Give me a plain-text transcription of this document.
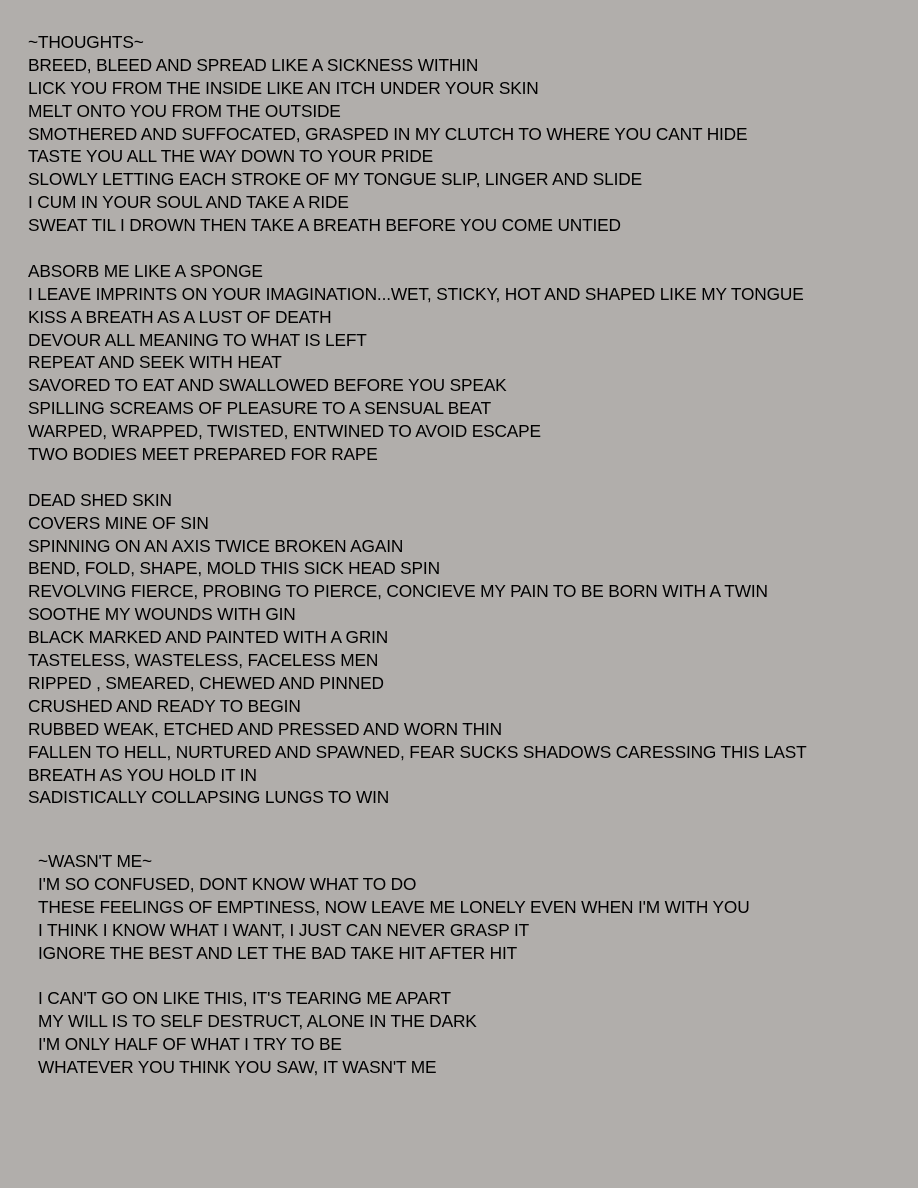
~THOUGHTS~
BREED, BLEED AND SPREAD LIKE A SICKNESS WITHIN
LICK YOU FROM THE INSIDE LIKE AN ITCH UNDER YOUR SKIN
MELT ONTO YOU FROM THE OUTSIDE
SMOTHERED AND SUFFOCATED, GRASPED IN MY CLUTCH TO WHERE YOU CANT HIDE
TASTE YOU ALL THE WAY DOWN TO YOUR PRIDE
SLOWLY LETTING EACH STROKE OF MY TONGUE SLIP, LINGER AND SLIDE
I CUM IN YOUR SOUL AND TAKE A RIDE
SWEAT TIL I DROWN THEN TAKE A BREATH BEFORE YOU COME UNTIED
ABSORB ME LIKE A SPONGE
I LEAVE IMPRINTS ON YOUR IMAGINATION...WET, STICKY, HOT AND SHAPED LIKE MY TONGUE
KISS A BREATH AS A LUST OF DEATH
DEVOUR ALL MEANING TO WHAT IS LEFT
REPEAT AND SEEK WITH HEAT
SAVORED TO EAT AND SWALLOWED BEFORE YOU SPEAK
SPILLING SCREAMS OF PLEASURE TO A SENSUAL BEAT
WARPED, WRAPPED, TWISTED, ENTWINED TO AVOID ESCAPE
TWO BODIES MEET PREPARED FOR RAPE
DEAD SHED SKIN
COVERS MINE OF SIN
SPINNING ON AN AXIS TWICE BROKEN AGAIN
BEND, FOLD, SHAPE, MOLD THIS SICK HEAD SPIN
REVOLVING FIERCE, PROBING TO PIERCE, CONCIEVE MY PAIN TO BE BORN WITH A TWIN
SOOTHE MY WOUNDS WITH GIN
BLACK MARKED AND PAINTED WITH A GRIN
TASTELESS, WASTELESS, FACELESS MEN
RIPPED , SMEARED, CHEWED AND PINNED
CRUSHED AND READY TO BEGIN
RUBBED WEAK, ETCHED AND PRESSED AND WORN THIN
FALLEN TO HELL, NURTURED AND SPAWNED, FEAR SUCKS SHADOWS CARESSING THIS LAST
BREATH AS YOU HOLD IT IN
SADISTICALLY COLLAPSING LUNGS TO WIN
~WASN'T ME~
I'M SO CONFUSED, DONT KNOW WHAT TO DO
THESE FEELINGS OF EMPTINESS, NOW LEAVE ME LONELY EVEN WHEN I'M WITH YOU
I THINK I KNOW WHAT I WANT, I JUST CAN NEVER GRASP IT
IGNORE THE BEST AND LET THE BAD TAKE HIT AFTER HIT
I CAN'T GO ON LIKE THIS, IT'S TEARING ME APART
MY WILL IS TO SELF DESTRUCT, ALONE IN THE DARK
I'M ONLY HALF OF WHAT I TRY TO BE
WHATEVER YOU THINK YOU SAW, IT WASN'T ME
